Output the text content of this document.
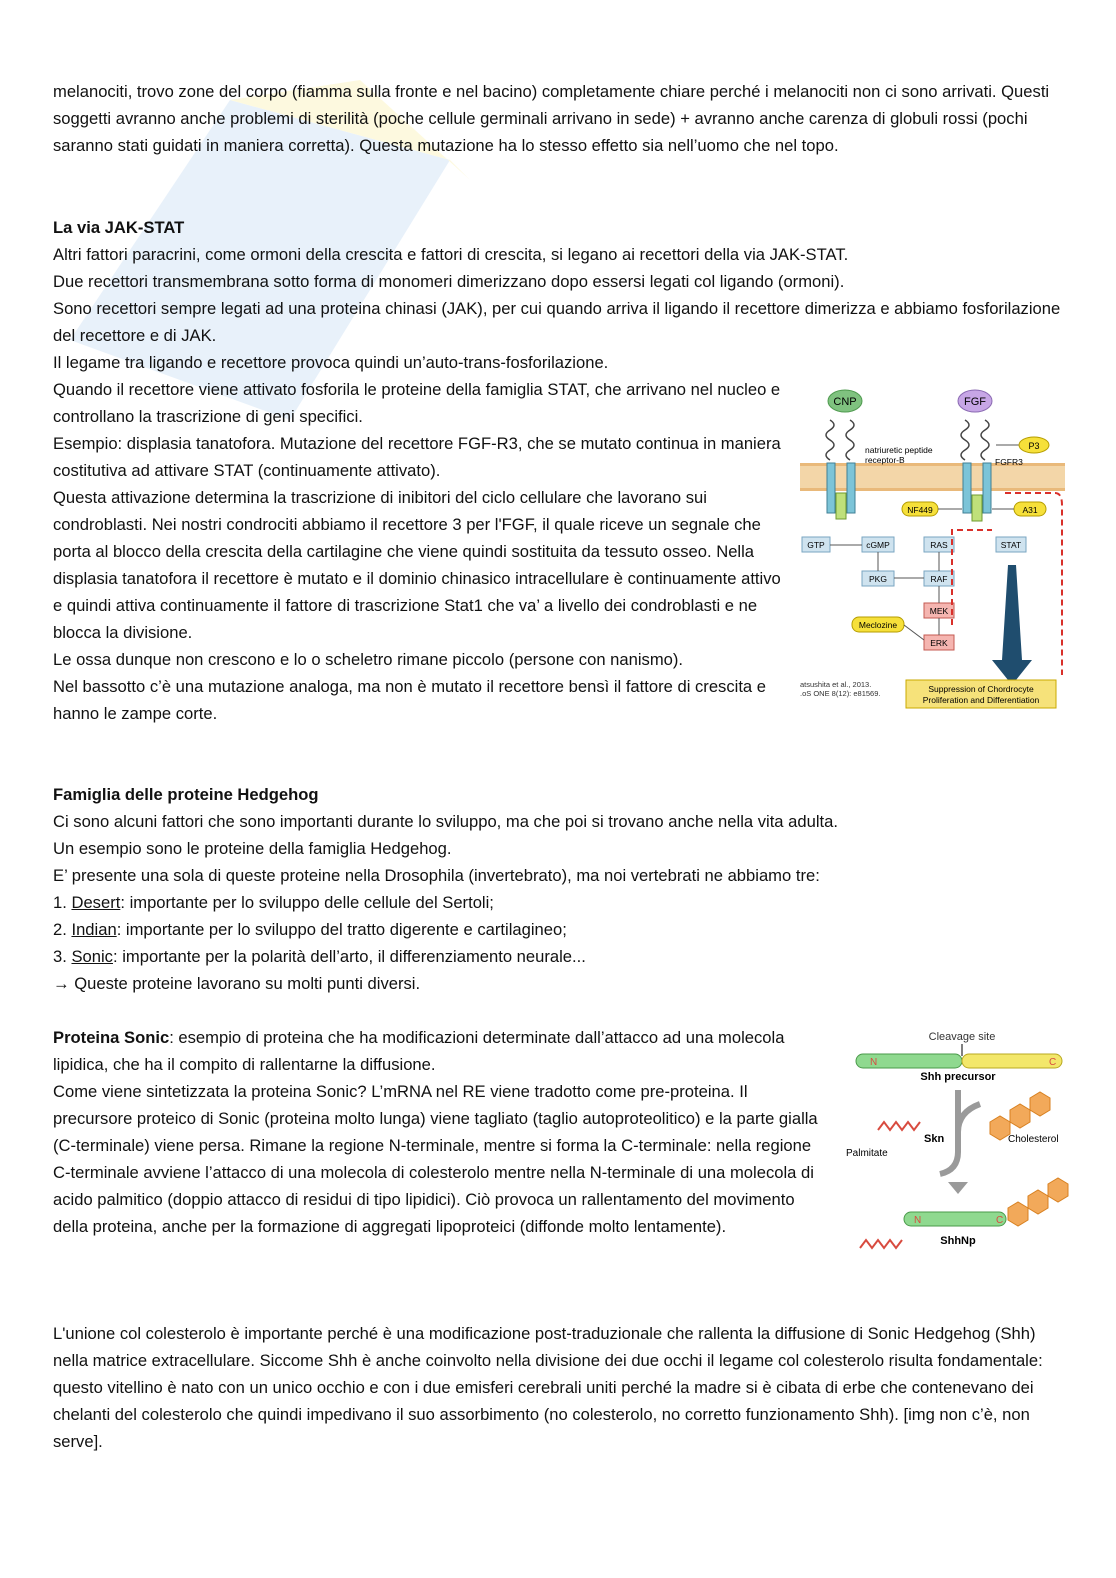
melanociti, trovo zone del corpo (fiamma sulla fronte e nel bacino) completamente chiare perché i melanociti non ci sono arrivati. Questi soggetti avranno anche problemi di sterilità (poche cellule germinali arrivano in sede) + avranno anche carenza di globuli rossi (pochi saranno stati guidati in maniera corretta). Questa mutazione ha lo stesso effetto sia nell’uomo che nel topo.

La via JAK-STAT

Altri fattori paracrini, come ormoni della crescita e fattori di crescita, si legano ai recettori della via JAK-STAT.

Due recettori transmembrana sotto forma di monomeri dimerizzano dopo essersi legati col ligando (ormoni).

Sono recettori sempre legati ad una proteina chinasi (JAK), per cui quando arriva il ligando il recettore dimerizza e abbiamo fosforilazione del recettore e di JAK.

Il legame tra ligando e recettore provoca quindi un’auto-trans-fosforilazione.

Quando il recettore viene attivato fosforila le proteine della famiglia STAT, che arrivano nel nucleo e controllano la trascrizione di geni specifici.

Esempio: displasia tanatofora. Mutazione del recettore FGF-R3, che se mutato continua in maniera costitutiva ad attivare STAT (continuamente attivato).

Questa attivazione determina la trascrizione di inibitori del ciclo cellulare che lavorano sui condroblasti. Nei nostri condrociti abbiamo il recettore 3 per l'FGF, il quale riceve un segnale che porta al blocco della crescita della cartilagine che viene quindi sostituita da tessuto osseo. Nella displasia tanatofora il recettore è mutato e il dominio chinasico intracellulare è continuamente attivo e quindi attiva continuamente il fattore di trascrizione Stat1 che va’ a livello dei condroblasti e ne blocca la divisione.

Le ossa dunque non crescono e lo o scheletro rimane piccolo (persone con nanismo).

Nel bassotto c’è una mutazione analoga, ma non è mutato il recettore bensì il fattore di crescita e hanno le zampe corte.

CNP	FGF
natriuretic peptide
receptor-B	FGFR3
P3
NF449	A31
GTP	cGMP
PKG
RAS
RAF
MEK
ERK
Meclozine
STAT
Suppression of Chordrocyte
Proliferation and Differentiation
atsushita et al., 2013.
.oS ONE 8(12): e81569.

Famiglia delle proteine Hedgehog

Ci sono alcuni fattori che sono importanti durante lo sviluppo, ma che poi si trovano anche nella vita adulta.

Un esempio sono le proteine della famiglia Hedgehog.

E’ presente una sola di queste proteine nella Drosophila (invertebrato), ma noi vertebrati ne abbiamo tre:

1. Desert: importante per lo sviluppo delle cellule del Sertoli;

2. Indian: importante per lo sviluppo del tratto digerente e cartilagineo;

3. Sonic: importante per la polarità dell’arto, il differenziamento neurale...

→ Queste proteine lavorano su molti punti diversi.

Proteina Sonic: esempio di proteina che ha modificazioni determinate dall’attacco ad una molecola lipidica, che ha il compito di rallentarne la diffusione.

Come viene sintetizzata la proteina Sonic? L’mRNA nel RE viene tradotto come pre-proteina. Il precursore proteico di Sonic (proteina molto lunga) viene tagliato (taglio autoproteolitico) e la parte gialla (C-terminale) viene persa. Rimane la regione N-terminale, mentre si forma la C-terminale: nella regione C-terminale avviene l’attacco di una molecola di colesterolo mentre nella N-terminale di una molecola di acido palmitico (doppio attacco di residui di tipo lipidici). Ciò provoca un rallentamento del movimento della proteina, anche per la formazione di aggregati lipoproteici (diffonde molto lentamente).

Cleavage site
N	C
Shh precursor
Skn
Palmitate
Cholesterol
N	C
ShhNp

L'unione col colesterolo è importante perché è una modificazione post-traduzionale che rallenta la diffusione di Sonic Hedgehog (Shh) nella matrice extracellulare. Siccome Shh è anche coinvolto nella divisione dei due occhi il legame col colesterolo risulta fondamentale: questo vitellino è nato con un unico occhio e con i due emisferi cerebrali uniti perché la madre si è cibata di erbe che contenevano dei chelanti del colesterolo che quindi impedivano il suo assorbimento (no colesterolo, no corretto funzionamento Shh). [img non c’è, non serve].
